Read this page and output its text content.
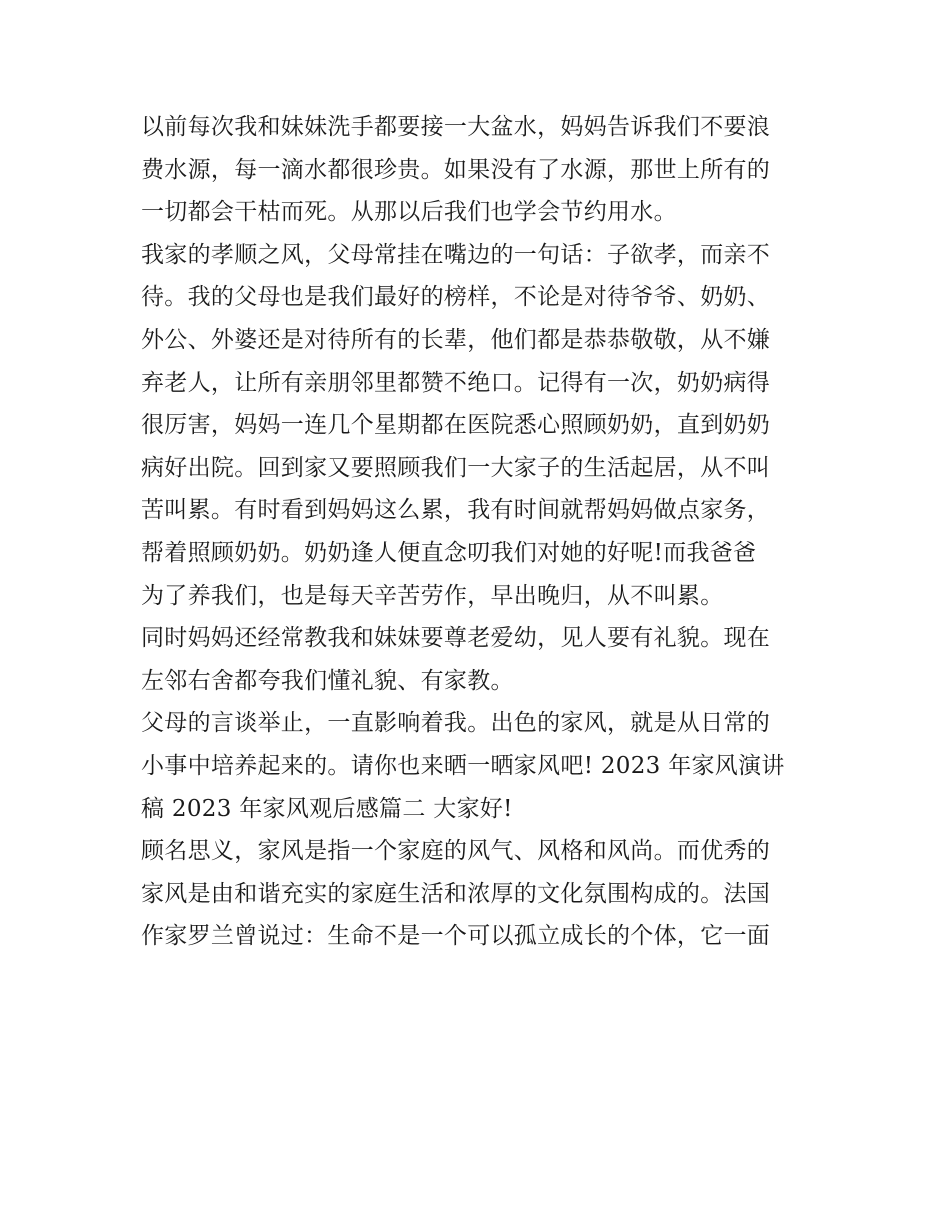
以前每次我和妹妹洗手都要接一大盆水，妈妈告诉我们不要浪
费水源，每一滴水都很珍贵。如果没有了水源，那世上所有的
一切都会干枯而死。从那以后我们也学会节约用水。
我家的孝顺之风，父母常挂在嘴边的一句话：子欲孝，而亲不
待。我的父母也是我们最好的榜样，不论是对待爷爷、奶奶、
外公、外婆还是对待所有的长辈，他们都是恭恭敬敬，从不嫌
弃老人，让所有亲朋邻里都赞不绝口。记得有一次，奶奶病得
很厉害，妈妈一连几个星期都在医院悉心照顾奶奶，直到奶奶
病好出院。回到家又要照顾我们一大家子的生活起居，从不叫
苦叫累。有时看到妈妈这么累，我有时间就帮妈妈做点家务，
帮着照顾奶奶。奶奶逢人便直念叨我们对她的好呢!而我爸爸
为了养我们，也是每天辛苦劳作，早出晚归，从不叫累。
同时妈妈还经常教我和妹妹要尊老爱幼，见人要有礼貌。现在
左邻右舍都夸我们懂礼貌、有家教。
父母的言谈举止，一直影响着我。出色的家风，就是从日常的
小事中培养起来的。请你也来晒一晒家风吧! 2023 年家风演讲
稿 2023 年家风观后感篇二 大家好!
顾名思义，家风是指一个家庭的风气、风格和风尚。而优秀的
家风是由和谐充实的家庭生活和浓厚的文化氛围构成的。法国
作家罗兰曾说过：生命不是一个可以孤立成长的个体，它一面
